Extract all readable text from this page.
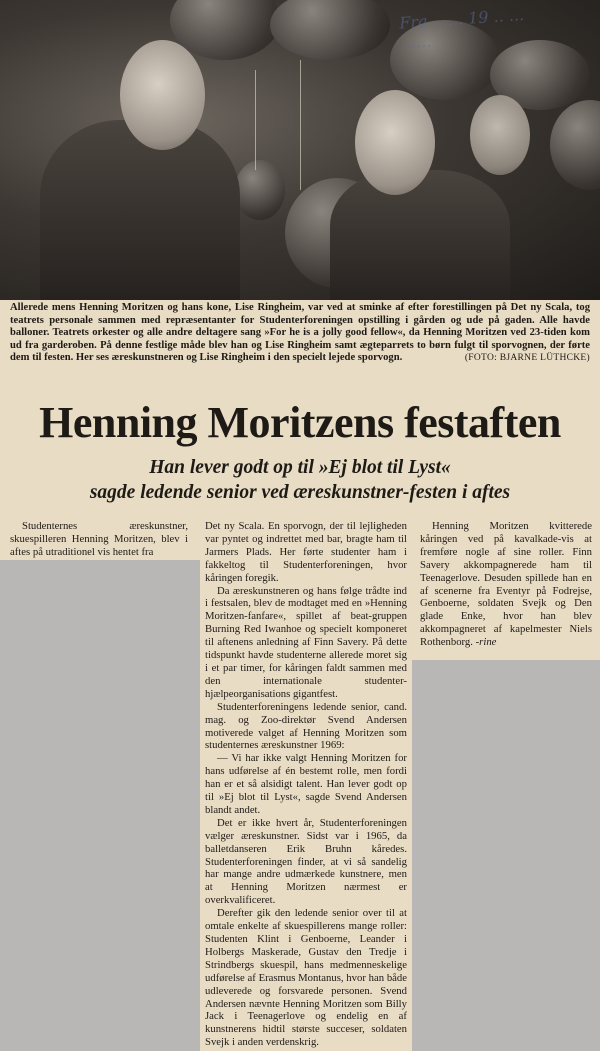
Fra ...... 19 .. ... ......
Allerede mens Henning Moritzen og hans kone, Lise Ringheim, var ved at sminke af efter forestillingen på Det ny Scala, tog teatrets personale sammen med repræsentanter for Studenterforeningen opstilling i gården og ude på gaden. Alle havde balloner. Teatrets orkester og alle andre deltagere sang »For he is a jolly good fellow«, da Henning Moritzen ved 23-tiden kom ud fra garderoben. På denne festlige måde blev han og Lise Ringheim samt ægteparrets to børn fulgt til sporvognen, der førte dem til festen. Her ses æreskunstneren og Lise Ringheim i den specielt lejede sporvogn.	(FOTO: BJARNE LÜTHCKE)
Henning Moritzens festaften
Han lever godt op til »Ej blot til Lyst«
sagde ledende senior ved æreskunstner-festen i aftes

Studenternes æreskunstner, skuespilleren Henning Moritzen, blev i aftes på utraditionel vis hentet fra

Det ny Scala. En sporvogn, der til lejligheden var pyntet og indrettet med bar, bragte ham til Jarmers Plads. Her førte studenter ham i fakkeltog til Studenterforeningen, hvor kåringen foregik.

Da æreskunstneren og hans følge trådte ind i festsalen, blev de modtaget med en »Henning Moritzen-fanfare«, spillet af beat-gruppen Burning Red Iwanhoe og specielt komponeret til aftenens anledning af Finn Savery. På dette tidspunkt havde studenterne allerede moret sig i et par timer, for kåringen faldt sammen med den internationale studenter-hjælpeorganisations gigantfest.

Studenterforeningens ledende senior, cand. mag. og Zoo-direktør Svend Andersen motiverede valget af Henning Moritzen som studenternes æreskunstner 1969:

— Vi har ikke valgt Henning Moritzen for hans udførelse af én bestemt rolle, men fordi han er et så alsidigt talent. Han lever godt op til »Ej blot til Lyst«, sagde Svend Andersen blandt andet.

Det er ikke hvert år, Studenterforeningen vælger æreskunstner. Sidst var i 1965, da balletdanseren Erik Bruhn kåredes. Studenterforeningen finder, at vi så sandelig har mange andre udmærkede kunstnere, men at Henning Moritzen nærmest er overkvalificeret.

Derefter gik den ledende senior over til at omtale enkelte af skuespillerens mange roller: Studenten Klint i Genboerne, Leander i Holbergs Maskerade, Gustav den Tredje i Strindbergs skuespil, hans medmenneskelige udførelse af Erasmus Montanus, hvor han både udleverede og forsvarede personen. Svend Andersen nævnte Henning Moritzen som Billy Jack i Teenagerlove og endelig en af kunstnerens hidtil største succeser, soldaten Svejk i anden verdenskrig.

Henning Moritzen kvitterede kåringen ved på kavalkade-vis at fremføre nogle af sine roller. Finn Savery akkompagnerede ham til Teenagerlove. Desuden spillede han en af scenerne fra Eventyr på Fodrejse, Genboerne, soldaten Svejk og Den glade Enke, hvor han blev akkompagneret af kapelmester Niels Rothenborg. -rine
